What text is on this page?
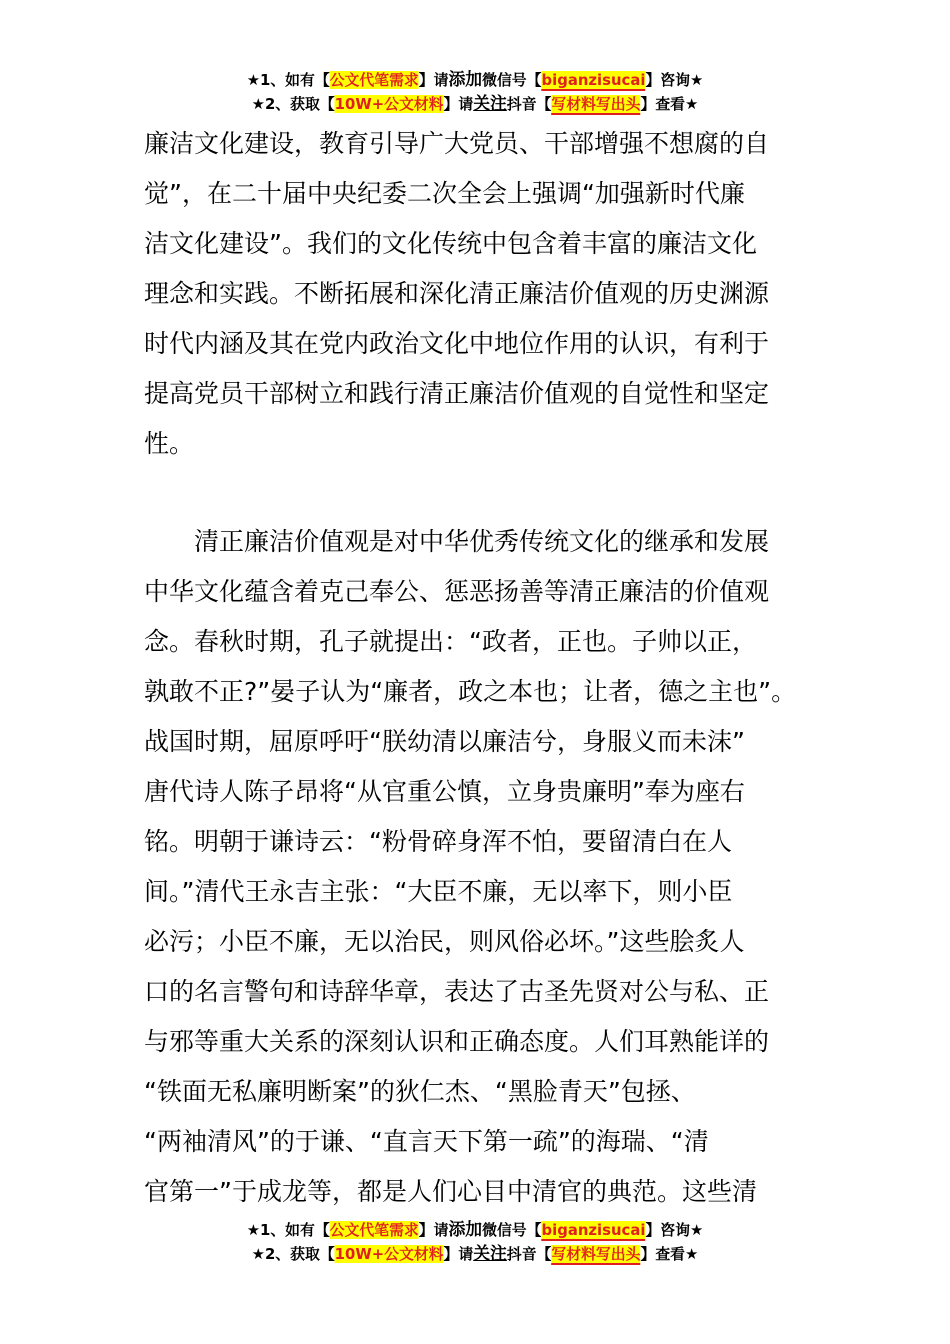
★1、如有【公文代笔需求】请添加微信号【biganzisucai】咨询★
★2、获取【10W+公文材料】请关注抖音【写材料写出头】查看★
廉洁文化建设，教育引导广大党员、干部增强不想腐的自
觉”，在二十届中央纪委二次全会上强调“加强新时代廉
洁文化建设”。我们的文化传统中包含着丰富的廉洁文化
理念和实践。不断拓展和深化清正廉洁价值观的历史渊源
时代内涵及其在党内政治文化中地位作用的认识，有利于
提高党员干部树立和践行清正廉洁价值观的自觉性和坚定
性。
　　清正廉洁价值观是对中华优秀传统文化的继承和发展
中华文化蕴含着克己奉公、惩恶扬善等清正廉洁的价值观
念。春秋时期，孔子就提出：“政者，正也。子帅以正，
孰敢不正?”晏子认为“廉者，政之本也；让者，德之主也”。
战国时期，屈原呼吁“朕幼清以廉洁兮，身服义而未沫”
唐代诗人陈子昂将“从官重公慎，立身贵廉明”奉为座右
铭。明朝于谦诗云：“粉骨碎身浑不怕，要留清白在人
间。”清代王永吉主张：“大臣不廉，无以率下，则小臣
必污；小臣不廉，无以治民，则风俗必坏。”这些脍炙人
口的名言警句和诗辞华章，表达了古圣先贤对公与私、正
与邪等重大关系的深刻认识和正确态度。人们耳熟能详的
“铁面无私廉明断案”的狄仁杰、“黑脸青天”包拯、
“两袖清风”的于谦、“直言天下第一疏”的海瑞、“清
官第一”于成龙等，都是人们心目中清官的典范。这些清
★1、如有【公文代笔需求】请添加微信号【biganzisucai】咨询★
★2、获取【10W+公文材料】请关注抖音【写材料写出头】查看★
